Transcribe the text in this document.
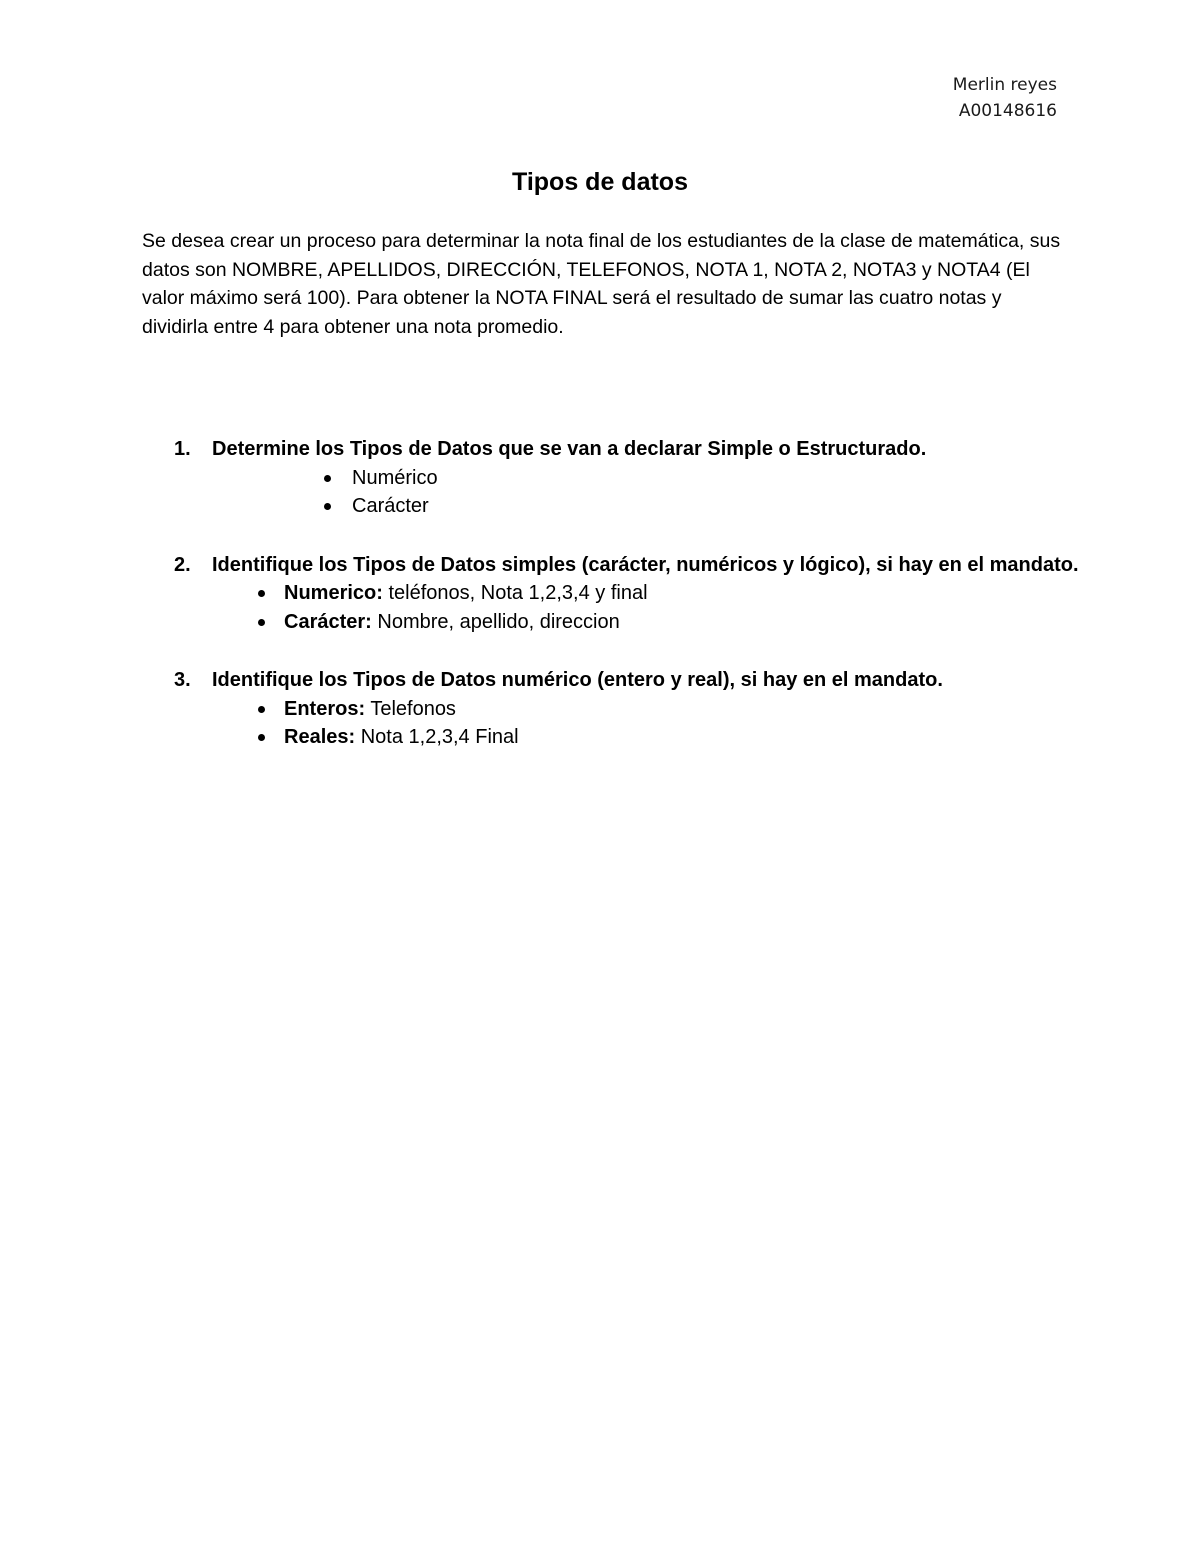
Merlin reyes
A00148616
Tipos de datos

Se desea crear un proceso para determinar la nota final de los estudiantes de la clase de matemática, sus datos son NOMBRE, APELLIDOS, DIRECCIÓN, TELEFONOS, NOTA 1, NOTA 2, NOTA3 y NOTA4 (El valor máximo será 100). Para obtener la NOTA FINAL será el resultado de sumar las cuatro notas y dividirla entre 4 para obtener una nota promedio.

1. Determine los Tipos de Datos que se van a declarar Simple o Estructurado.
Numérico
Carácter
2. Identifique los Tipos de Datos simples (carácter, numéricos y lógico), si hay en el mandato.
Numerico: teléfonos, Nota 1,2,3,4 y final
Carácter: Nombre, apellido, direccion
3. Identifique los Tipos de Datos numérico (entero y real), si hay en el mandato.
Enteros: Telefonos
Reales: Nota 1,2,3,4 Final
